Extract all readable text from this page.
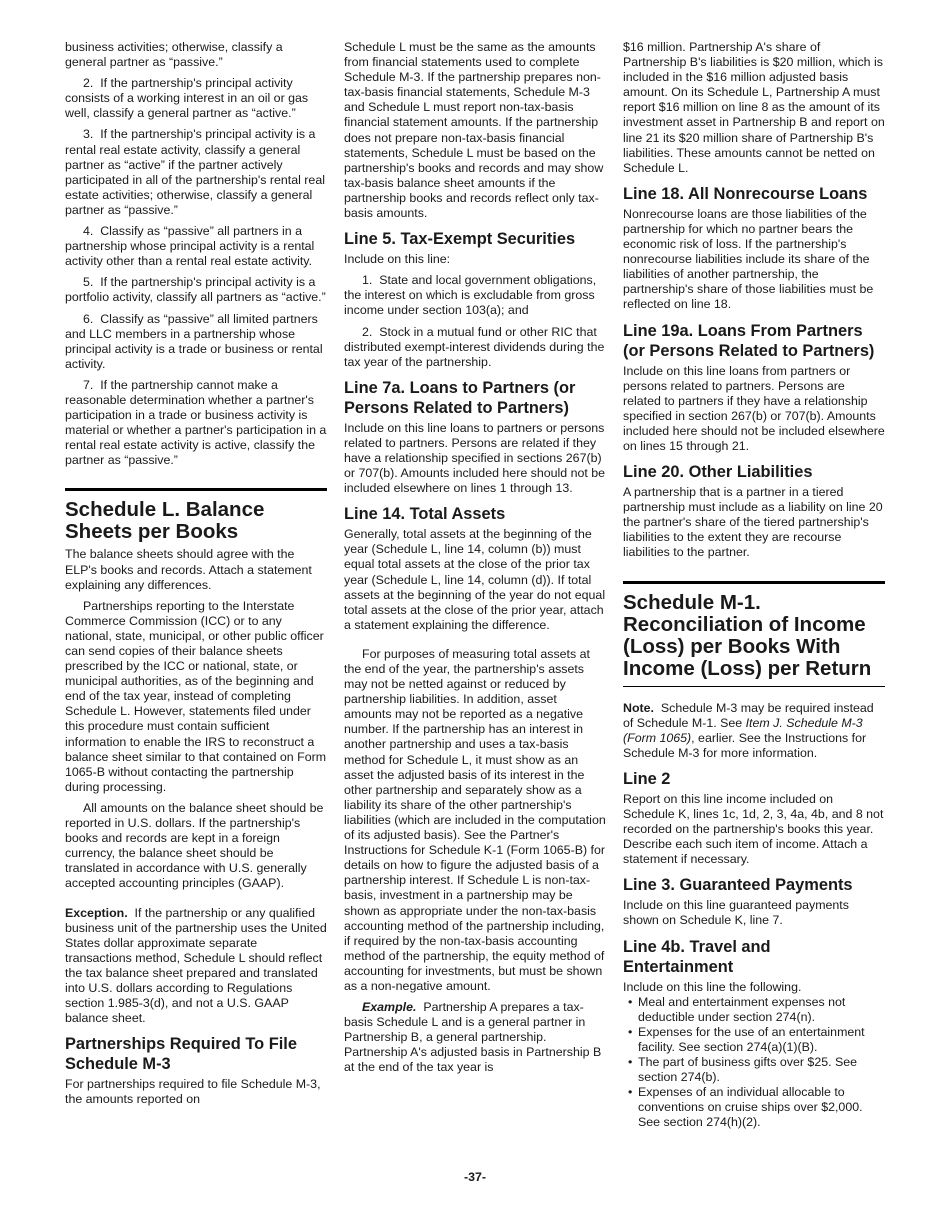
business activities; otherwise, classify a general partner as “passive.”

2.  If the partnership's principal activity consists of a working interest in an oil or gas well, classify a general partner as “active.”

3.  If the partnership's principal activity is a rental real estate activity, classify a general partner as “active” if the partner actively participated in all of the partnership's rental real estate activities; otherwise, classify a general partner as “passive.”

4.  Classify as “passive” all partners in a partnership whose principal activity is a rental activity other than a rental real estate activity.

5.  If the partnership's principal activity is a portfolio activity, classify all partners as “active.”

6.  Classify as “passive” all limited partners and LLC members in a partnership whose principal activity is a trade or business or rental activity.

7.  If the partnership cannot make a reasonable determination whether a partner's participation in a trade or business activity is material or whether a partner's participation in a rental real estate activity is active, classify the partner as “passive.”

Schedule L. Balance Sheets per Books

The balance sheets should agree with the ELP's books and records. Attach a statement explaining any differences.

Partnerships reporting to the Interstate Commerce Commission (ICC) or to any national, state, municipal, or other public officer can send copies of their balance sheets prescribed by the ICC or national, state, or municipal authorities, as of the beginning and end of the tax year, instead of completing Schedule L. However, statements filed under this procedure must contain sufficient information to enable the IRS to reconstruct a balance sheet similar to that contained on Form 1065-B without contacting the partnership during processing.

All amounts on the balance sheet should be reported in U.S. dollars. If the partnership's books and records are kept in a foreign currency, the balance sheet should be translated in accordance with U.S. generally accepted accounting principles (GAAP).

Exception. If the partnership or any qualified business unit of the partnership uses the United States dollar approximate separate transactions method, Schedule L should reflect the tax balance sheet prepared and translated into U.S. dollars according to Regulations section 1.985-3(d), and not a U.S. GAAP balance sheet.

Partnerships Required To File Schedule M-3

For partnerships required to file Schedule M-3, the amounts reported on

Schedule L must be the same as the amounts from financial statements used to complete Schedule M-3. If the partnership prepares non-tax-basis financial statements, Schedule M-3 and Schedule L must report non-tax-basis financial statement amounts. If the partnership does not prepare non-tax-basis financial statements, Schedule L must be based on the partnership's books and records and may show tax-basis balance sheet amounts if the partnership books and records reflect only tax-basis amounts.

Line 5. Tax-Exempt Securities

Include on this line:

1.  State and local government obligations, the interest on which is excludable from gross income under section 103(a); and

2.  Stock in a mutual fund or other RIC that distributed exempt-interest dividends during the tax year of the partnership.

Line 7a. Loans to Partners (or Persons Related to Partners)

Include on this line loans to partners or persons related to partners. Persons are related if they have a relationship specified in sections 267(b) or 707(b). Amounts included here should not be included elsewhere on lines 1 through 13.

Line 14. Total Assets

Generally, total assets at the beginning of the year (Schedule L, line 14, column (b)) must equal total assets at the close of the prior tax year (Schedule L, line 14, column (d)). If total assets at the beginning of the year do not equal total assets at the close of the prior year, attach a statement explaining the difference.

For purposes of measuring total assets at the end of the year, the partnership's assets may not be netted against or reduced by partnership liabilities. In addition, asset amounts may not be reported as a negative number. If the partnership has an interest in another partnership and uses a tax-basis method for Schedule L, it must show as an asset the adjusted basis of its interest in the other partnership and separately show as a liability its share of the other partnership's liabilities (which are included in the computation of its adjusted basis). See the Partner's Instructions for Schedule K-1 (Form 1065-B) for details on how to figure the adjusted basis of a partnership interest. If Schedule L is non-tax-basis, investment in a partnership may be shown as appropriate under the non-tax-basis accounting method of the partnership including, if required by the non-tax-basis accounting method of the partnership, the equity method of accounting for investments, but must be shown as a non-negative amount.

Example. Partnership A prepares a tax-basis Schedule L and is a general partner in Partnership B, a general partnership. Partnership A's adjusted basis in Partnership B at the end of the tax year is

$16 million. Partnership A's share of Partnership B's liabilities is $20 million, which is included in the $16 million adjusted basis amount. On its Schedule L, Partnership A must report $16 million on line 8 as the amount of its investment asset in Partnership B and report on line 21 its $20 million share of Partnership B's liabilities. These amounts cannot be netted on Schedule L.

Line 18. All Nonrecourse Loans

Nonrecourse loans are those liabilities of the partnership for which no partner bears the economic risk of loss. If the partnership's nonrecourse liabilities include its share of the liabilities of another partnership, the partnership's share of those liabilities must be reflected on line 18.

Line 19a. Loans From Partners (or Persons Related to Partners)

Include on this line loans from partners or persons related to partners. Persons are related to partners if they have a relationship specified in section 267(b) or 707(b). Amounts included here should not be included elsewhere on lines 15 through 21.

Line 20. Other Liabilities

A partnership that is a partner in a tiered partnership must include as a liability on line 20 the partner's share of the tiered partnership's liabilities to the extent they are recourse liabilities to the partner.

Schedule M-1. Reconciliation of Income (Loss) per Books With Income (Loss) per Return

Note. Schedule M-3 may be required instead of Schedule M-1. See Item J. Schedule M-3 (Form 1065), earlier. See the Instructions for Schedule M-3 for more information.

Line 2

Report on this line income included on Schedule K, lines 1c, 1d, 2, 3, 4a, 4b, and 8 not recorded on the partnership's books this year. Describe each such item of income. Attach a statement if necessary.

Line 3. Guaranteed Payments

Include on this line guaranteed payments shown on Schedule K, line 7.

Line 4b. Travel and Entertainment

Include on this line the following.

• Meal and entertainment expenses not deductible under section 274(n).

• Expenses for the use of an entertainment facility. See section 274(a)(1)(B).

• The part of business gifts over $25. See section 274(b).

• Expenses of an individual allocable to conventions on cruise ships over $2,000. See section 274(h)(2).

-37-
